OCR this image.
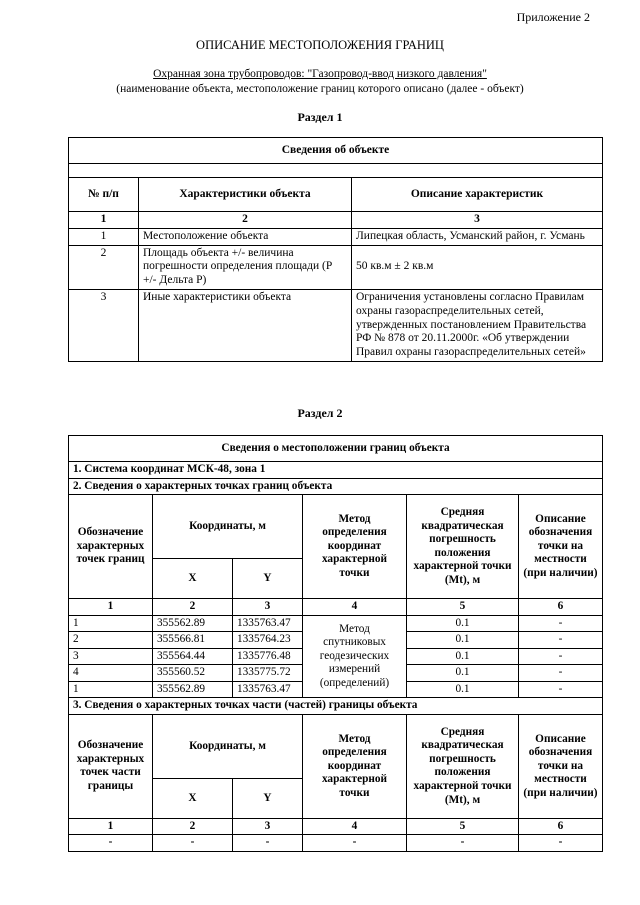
Приложение 2
ОПИСАНИЕ МЕСТОПОЛОЖЕНИЯ ГРАНИЦ
Охранная зона трубопроводов: "Газопровод-ввод низкого давления"
(наименование объекта, местоположение границ которого описано (далее - объект)
Раздел 1
Сведения об объекте		

№ п/п	Характеристики объекта	Описание характеристик
1	2	3
1	Местоположение объекта	Липецкая область, Усманский район, г. Усмань
2	Площадь объекта +/- величина погрешности определения площади (Р +/- Дельта Р)	50 кв.м ± 2 кв.м
3	Иные характеристики объекта	Ограничения установлены согласно Правилам охраны газораспределительных сетей, утвержденных постановлением Правительства РФ № 878 от 20.11.2000г. «Об утверждении Правил охраны газораспределительных сетей»
Раздел 2
Сведения о местоположении границ объекта					
1. Система координат МСК-48, зона 1					
2. Сведения о характерных точках границ объекта					
Обозначение характерных точек границ	Координаты, м		Метод определения координат характерной точки	Средняя квадратическая погрешность положения характерной точки (Mt), м	Описание обозначения точки на местности (при наличии)
	X	Y			
1	2	3	4	5	6
1	355562.89	1335763.47	Метод спутниковых геодезических измерений (определений)	0.1	-
2	355566.81	1335764.23		0.1	-
3	355564.44	1335776.48		0.1	-
4	355560.52	1335775.72		0.1	-
1	355562.89	1335763.47		0.1	-
3. Сведения о характерных точках части (частей) границы объекта					
Обозначение характерных точек части границы	Координаты, м		Метод определения координат характерной точки	Средняя квадратическая погрешность положения характерной точки (Mt), м	Описание обозначения точки на местности (при наличии)
	X	Y			
1	2	3	4	5	6
-	-	-	-	-	-
